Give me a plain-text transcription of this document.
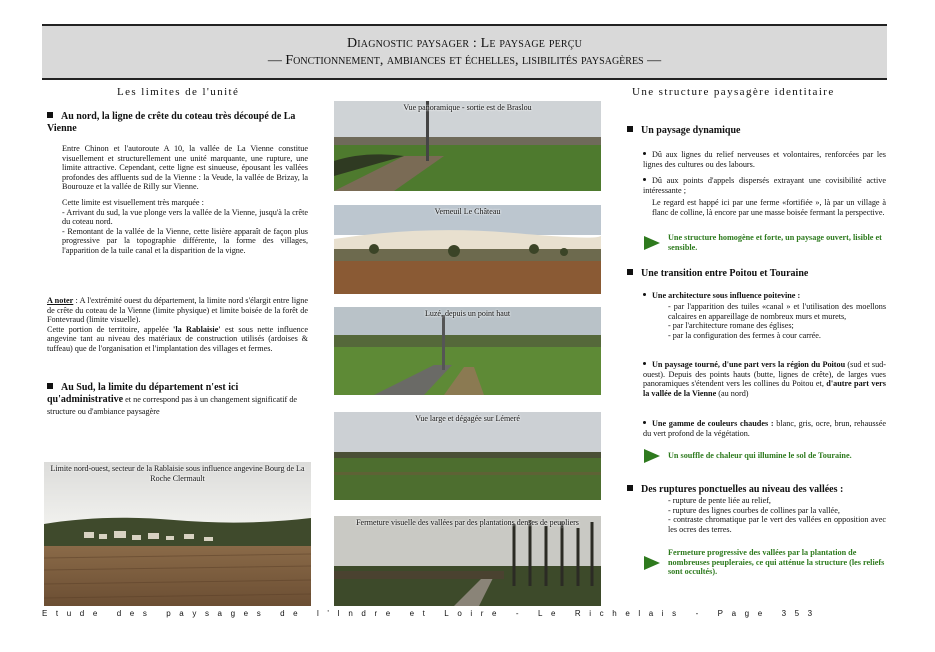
Diagnostic paysager : Le paysage perçu
— Fonctionnement, ambiances et échelles, lisibilités paysagères —
Les limites de l'unité	Une structure paysagère identitaire
Au nord, la ligne de crête du coteau très découpé de La Vienne

Entre Chinon et l'autoroute A 10, la vallée de La Vienne constitue visuellement et structurellement une unité marquante, une rupture, une limite attractive. Cependant, cette ligne est sinueuse, épousant les vallées profondes des affluents sud de la Vienne : la Veude, la vallée de Brizay, la Bourouze et la vallée de Rilly sur Vienne.

Cette limite est visuellement très marquée :
- Arrivant du sud, la vue plonge vers la vallée de la Vienne, jusqu'à la crête du coteau nord.

- Remontant de la vallée de la Vienne, cette lisière apparaît de façon plus progressive par la topographie différente, la forme des villages, l'apparition de la tuile canal et la disparition de la vigne.

A noter : A l'extrémité ouest du département, la limite nord s'élargit entre ligne de crête du coteau de la Vienne (limite physique) et limite boisée de la forêt de Fontevraud (limite visuelle).
Cette portion de territoire, appelée 'la Rablaisie' est sous nette influence angevine tant au niveau des matériaux de construction utilisés (ardoises & tuffeau) que de l'organisation et l'implantation des villages et fermes.
Au Sud, la limite du département n'est ici qu'administrative et ne correspond pas à un changement significatif de structure ou d'ambiance paysagère
Limite nord-ouest, secteur de la Rablaisie sous influence angevine Bourg de La Roche Clermault
Vue panoramique - sortie est de Braslou
Verneuil Le Château
Luzé, depuis un point haut
Vue large et dégagée sur Lémeré
Fermeture visuelle des vallées par des plantations denses de peupliers
Un paysage dynamique
Dû aux lignes du relief nerveuses et volontaires, renforcées par les lignes des cultures ou des labours.
Dû aux points d'appels dispersés extrayant une covisibilité active intéressante ;
Le regard est happé ici par une ferme «fortifiée », là par un village à flanc de colline, là encore par une masse boisée fermant la perspective.
Une structure homogène et forte, un paysage ouvert, lisible et sensible.
Une transition entre Poitou et Touraine
Une architecture sous influence poitevine :
- par l'apparition des tuiles «canal » et l'utilisation des moellons calcaires en appareillage de nombreux murs et murets,
- par l'architecture romane des églises;
- par la configuration des fermes à cour carrée.
Un paysage tourné, d'une part vers la région du Poitou (sud et sud-ouest). Depuis des points hauts (butte, lignes de crête), de larges vues panoramiques s'étendent vers les collines du Poitou et, d'autre part vers la vallée de la Vienne (au nord)
Une gamme de couleurs chaudes : blanc, gris, ocre, brun, rehaussée du vert profond de la végétation.
Un souffle de chaleur qui illumine le sol de Touraine.
Des ruptures ponctuelles au niveau des vallées :
- rupture de pente liée au relief,
- rupture des lignes courbes de collines par la vallée,
- contraste chromatique par le vert des vallées en opposition avec les ocres des terres.
Fermeture progressive des vallées par la plantation de nombreuses peupleraies, ce qui atténue la structure (les reliefs sont occultés).
Etude des paysages de l'Indre et Loire - Le Richelais - Page 353
